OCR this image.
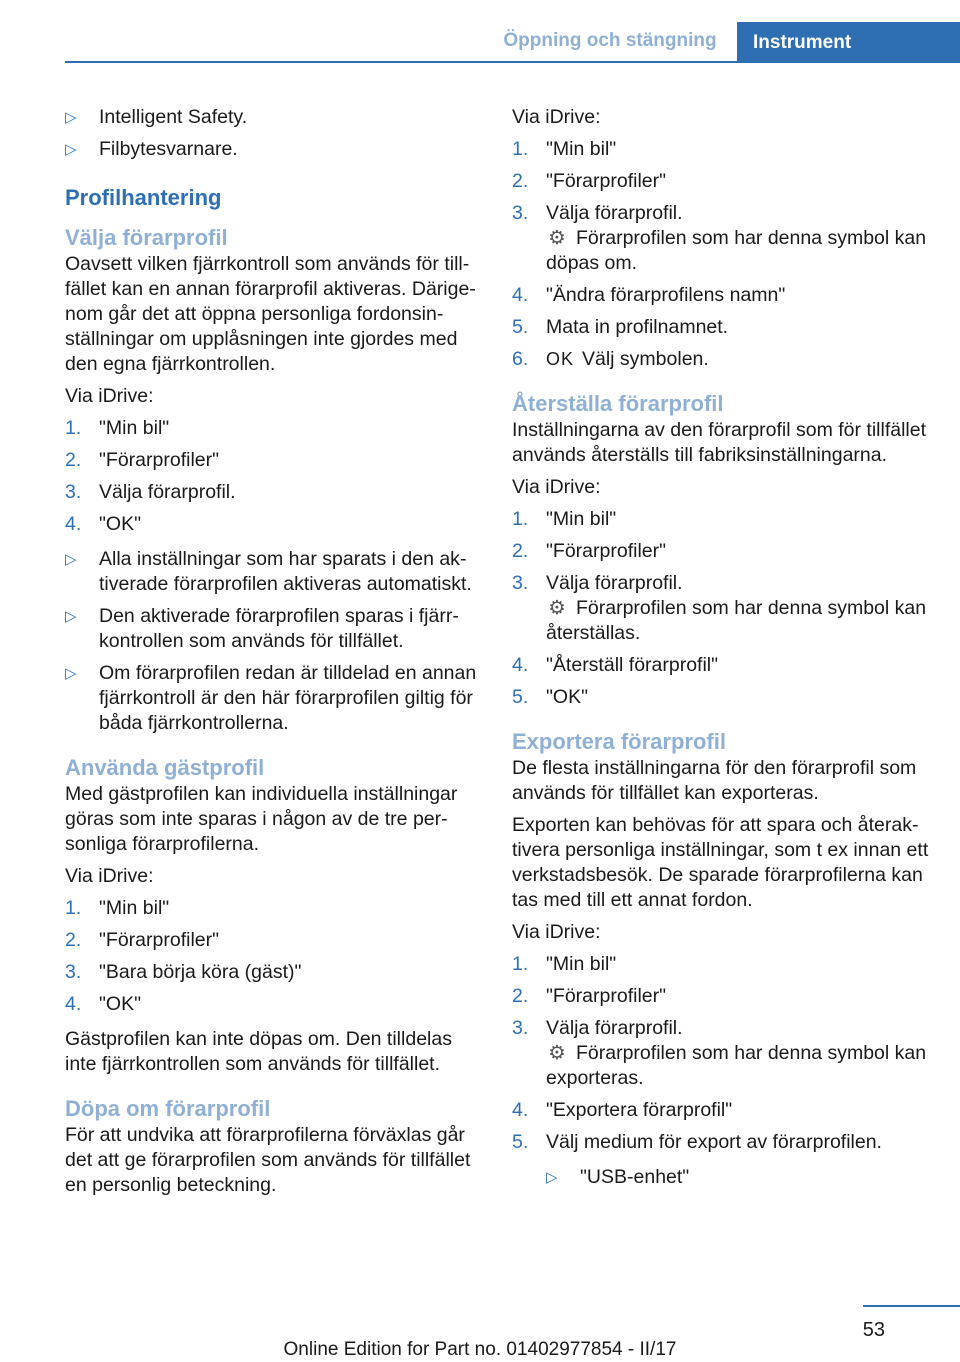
Öppning och stängning	Instrument
▷ Intelligent Safety.
▷ Filbytesvarnare.
Profilhantering
Välja förarprofil

Oavsett vilken fjärrkontroll som används för tillfället kan en annan förarprofil aktiveras. Därigenom går det att öppna personliga fordonsinställningar om upplåsningen inte gjordes med den egna fjärrkontrollen.

Via iDrive:

1. "Min bil"
2. "Förarprofiler"
3. Välja förarprofil.
4. "OK"
▷ Alla inställningar som har sparats i den aktiverade förarprofilen aktiveras automatiskt.
▷ Den aktiverade förarprofilen sparas i fjärrkontrollen som används för tillfället.
▷ Om förarprofilen redan är tilldelad en annan fjärrkontroll är den här förarprofilen giltig för båda fjärrkontrollerna.
Använda gästprofil

Med gästprofilen kan individuella inställningar göras som inte sparas i någon av de tre personliga förarprofilerna.

Via iDrive:

1. "Min bil"
2. "Förarprofiler"
3. "Bara börja köra (gäst)"
4. "OK"

Gästprofilen kan inte döpas om. Den tilldelas inte fjärrkontrollen som används för tillfället.

Döpa om förarprofil

För att undvika att förarprofilerna förväxlas går det att ge förarprofilen som används för tillfället en personlig beteckning.

Via iDrive:

1. "Min bil"
2. "Förarprofiler"
3. Välja förarprofil.
⚙ Förarprofilen som har denna symbol kan döpas om.
4. "Ändra förarprofilens namn"
5. Mata in profilnamnet.
6. OK Välj symbolen.
Återställa förarprofil

Inställningarna av den förarprofil som för tillfället används återställs till fabriksinställningarna.

Via iDrive:

1. "Min bil"
2. "Förarprofiler"
3. Välja förarprofil.
⚙ Förarprofilen som har denna symbol kan återställas.
4. "Återställ förarprofil"
5. "OK"
Exportera förarprofil

De flesta inställningarna för den förarprofil som används för tillfället kan exporteras.

Exporten kan behövas för att spara och återaktivera personliga inställningar, som t ex innan ett verkstadsbesök. De sparade förarprofilerna kan tas med till ett annat fordon.

Via iDrive:

1. "Min bil"
2. "Förarprofiler"
3. Välja förarprofil.
⚙ Förarprofilen som har denna symbol kan exporteras.
4. "Exportera förarprofil"
5. Välj medium för export av förarprofilen.
▷ "USB-enhet"
53
Online Edition for Part no. 01402977854 - II/17
